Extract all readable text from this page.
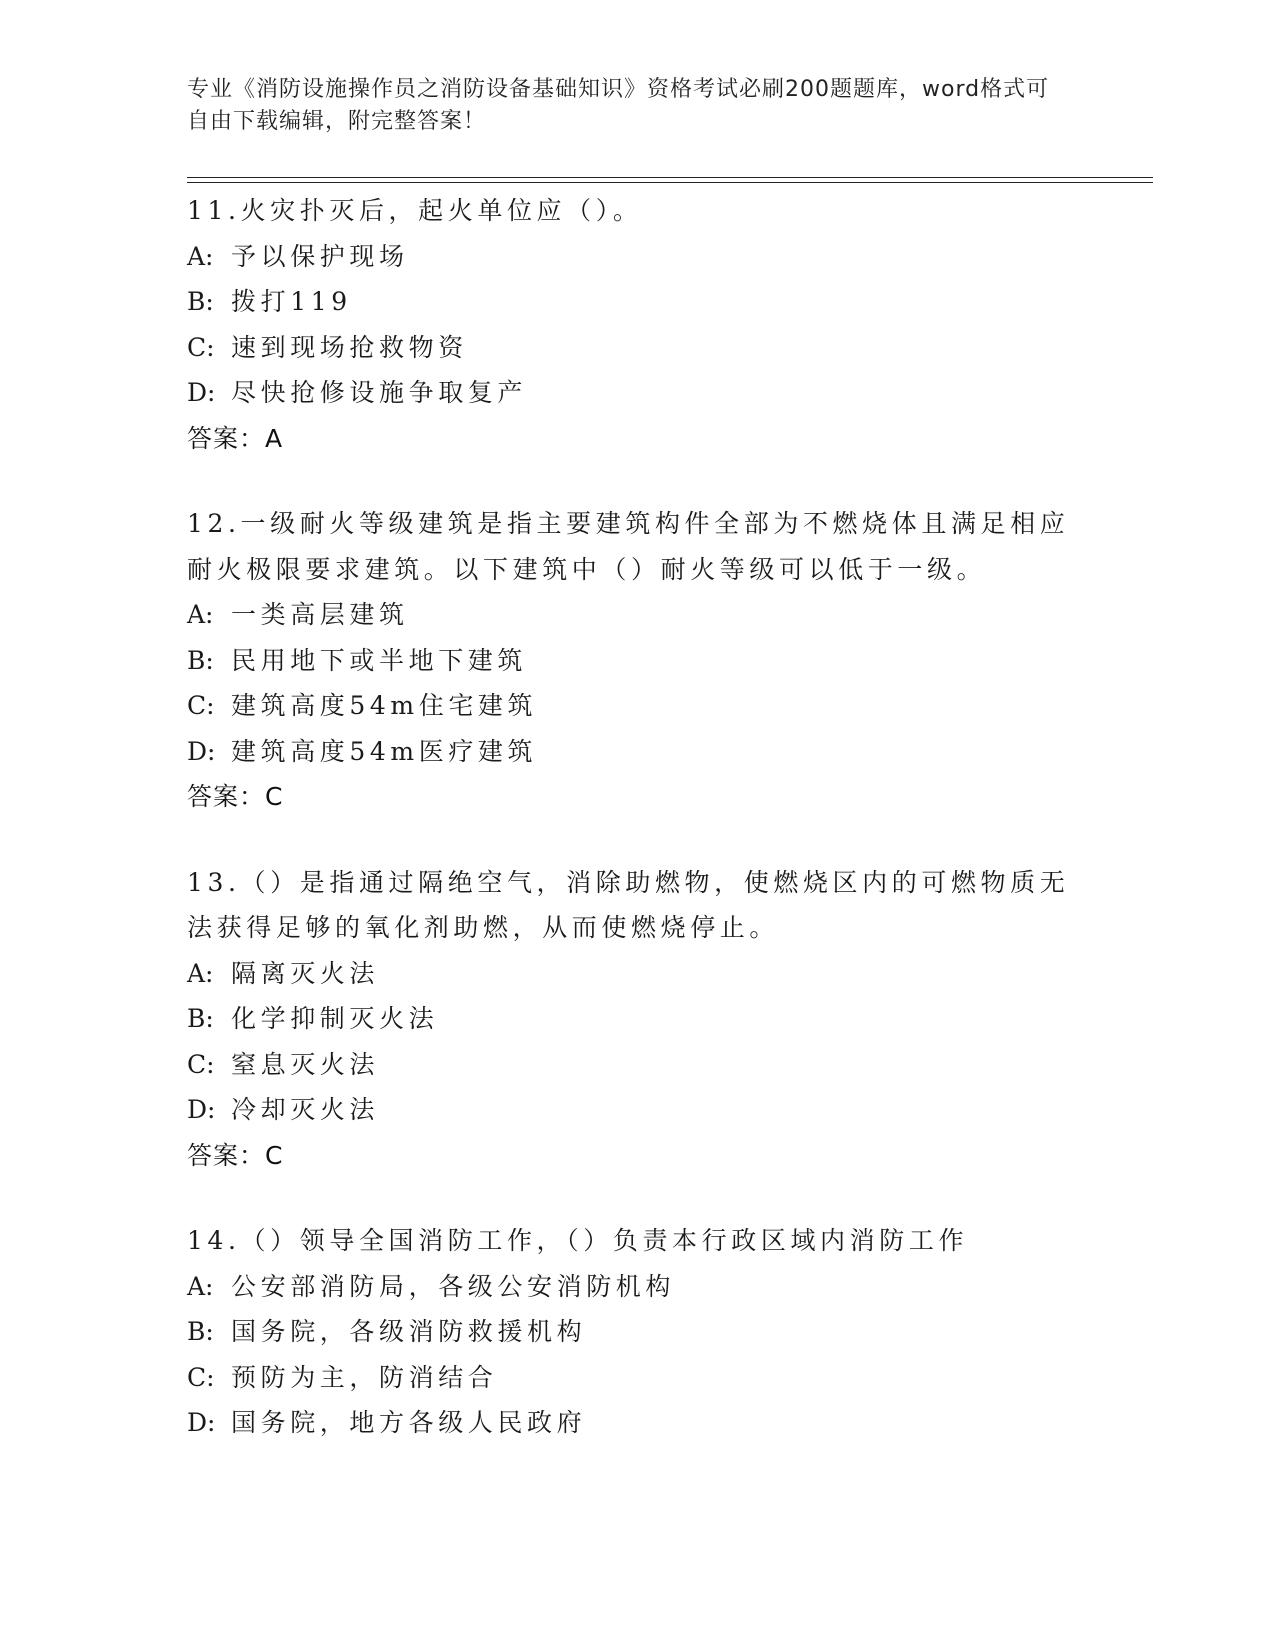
专业《消防设施操作员之消防设备基础知识》资格考试必刷200题题库，word格式可自由下载编辑，附完整答案！
11.火灾扑灭后，起火单位应（）。
A: 予以保护现场
B: 拨打119
C: 速到现场抢救物资
D: 尽快抢修设施争取复产
答案：A
12.一级耐火等级建筑是指主要建筑构件全部为不燃烧体且满足相应耐火极限要求建筑。以下建筑中（）耐火等级可以低于一级。
A: 一类高层建筑
B: 民用地下或半地下建筑
C: 建筑高度54m住宅建筑
D: 建筑高度54m医疗建筑
答案：C
13.（）是指通过隔绝空气，消除助燃物，使燃烧区内的可燃物质无法获得足够的氧化剂助燃，从而使燃烧停止。
A: 隔离灭火法
B: 化学抑制灭火法
C: 窒息灭火法
D: 冷却灭火法
答案：C
14.（）领导全国消防工作，（）负责本行政区域内消防工作
A: 公安部消防局，各级公安消防机构
B: 国务院，各级消防救援机构
C: 预防为主，防消结合
D: 国务院，地方各级人民政府
